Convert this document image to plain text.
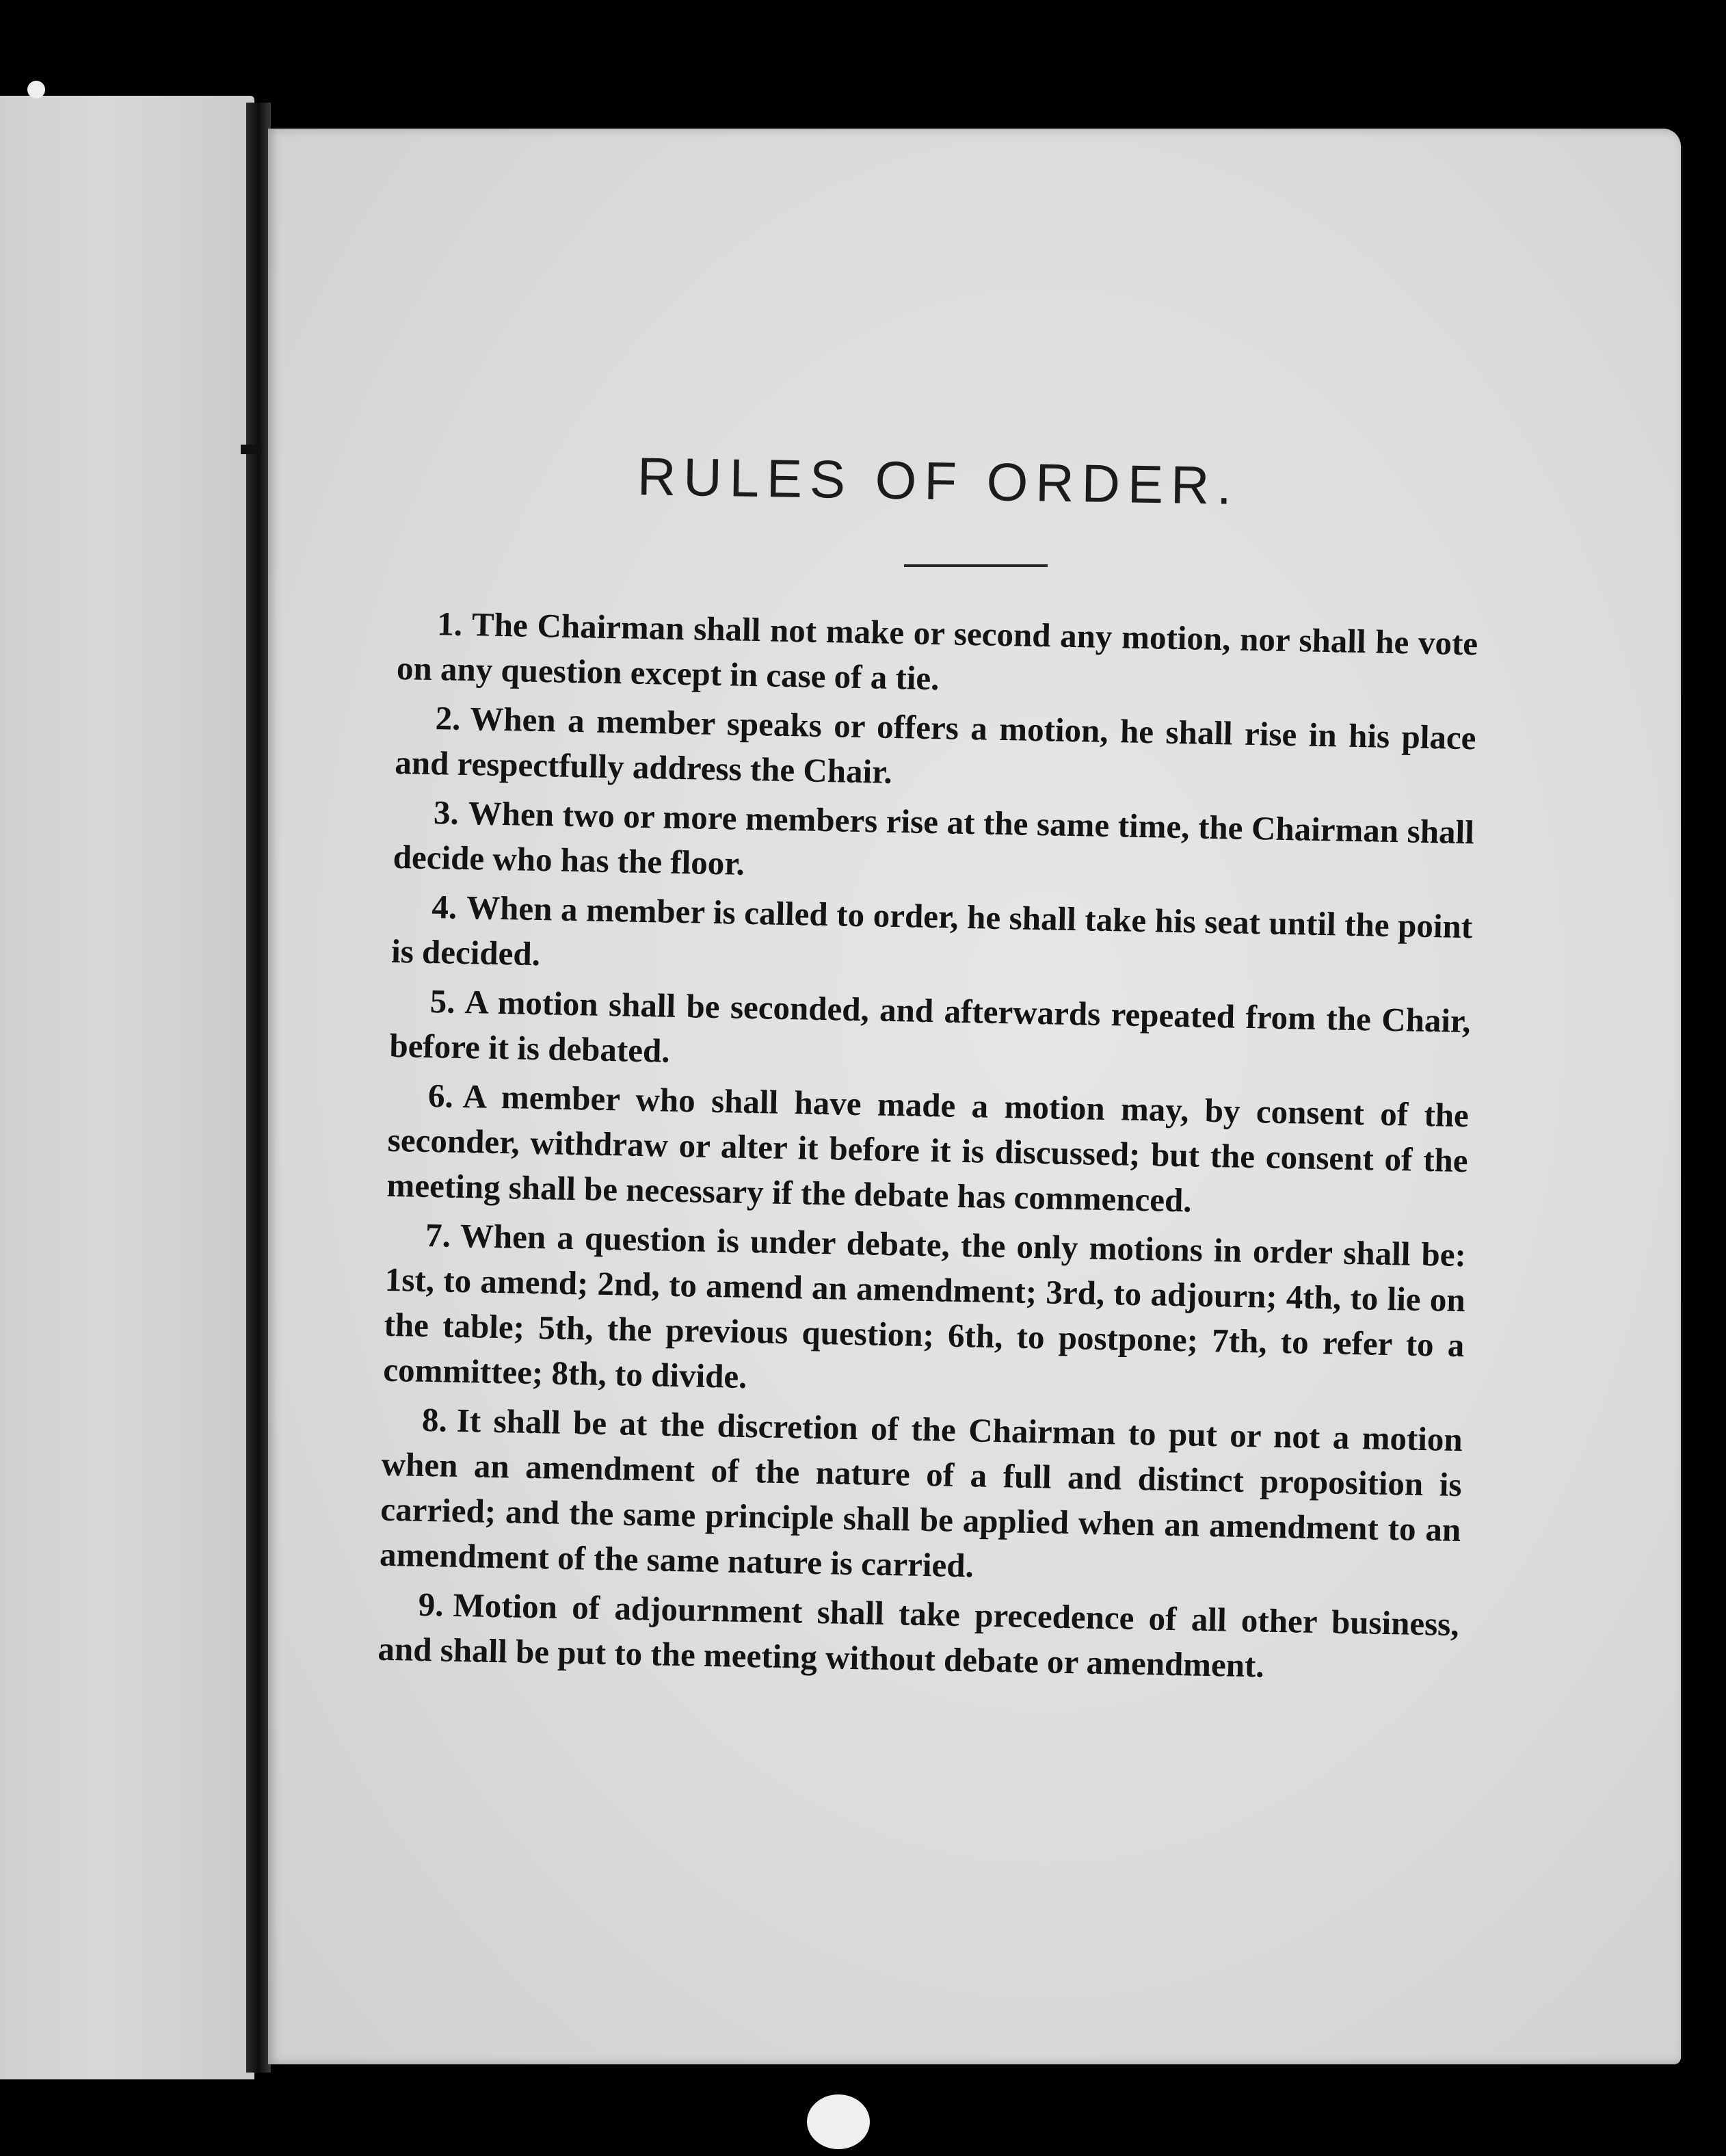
RULES OF ORDER.

1. The Chairman shall not make or second any motion, nor shall he vote on any question except in case of a tie.

2. When a member speaks or offers a motion, he shall rise in his place and respectfully address the Chair.

3. When two or more members rise at the same time, the Chairman shall decide who has the floor.

4. When a member is called to order, he shall take his seat until the point is decided.

5. A motion shall be seconded, and afterwards repeated from the Chair, before it is debated.

6. A member who shall have made a motion may, by consent of the seconder, withdraw or alter it before it is discussed; but the consent of the meeting shall be necessary if the debate has commenced.

7. When a question is under debate, the only motions in order shall be: 1st, to amend; 2nd, to amend an amendment; 3rd, to adjourn; 4th, to lie on the table; 5th, the previous question; 6th, to postpone; 7th, to refer to a committee; 8th, to divide.

8. It shall be at the discretion of the Chairman to put or not a motion when an amendment of the nature of a full and distinct proposition is carried; and the same principle shall be applied when an amendment to an amendment of the same nature is carried.

9. Motion of adjournment shall take precedence of all other business, and shall be put to the meeting without debate or amendment.
